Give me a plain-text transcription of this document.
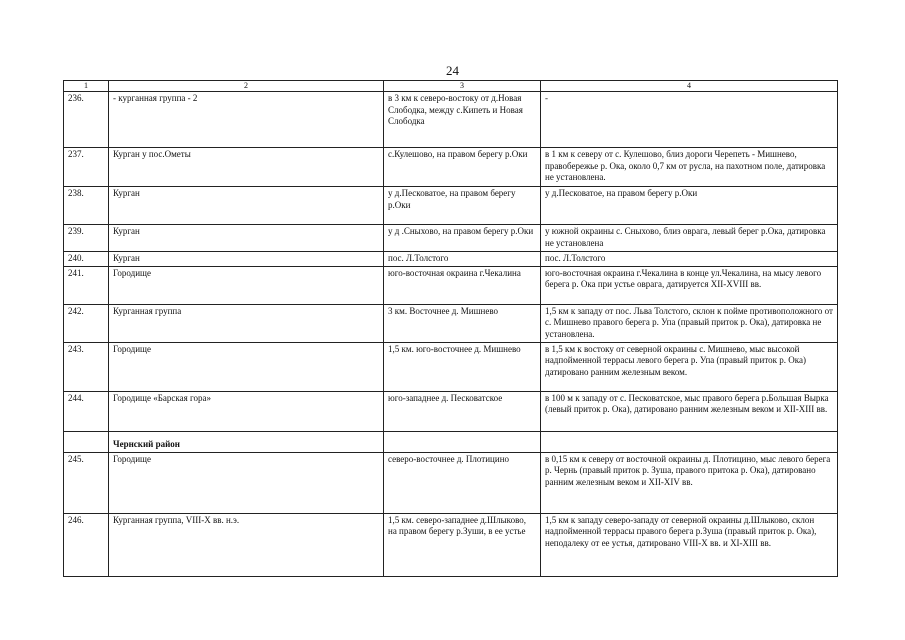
24
1	2	3	4
236.	- курганная группа - 2	в 3 км к северо-востоку от д.Новая Слободка, между с.Кипеть и Новая Слободка	-
237.	Курган у пос.Ометы	с.Кулешово, на правом берегу р.Оки	в 1 км к северу от с. Кулешово, близ дороги Черепеть - Мишнево, правобережье р. Ока, около 0,7 км от русла, на пахотном поле, датировка не установлена.
238.	Курган	у д.Песковатое, на правом берегу р.Оки	у д.Песковатое, на правом берегу р.Оки
239.	Курган	у д .Сныхово, на правом берегу р.Оки	у южной окраины с. Сныхово, близ оврага, левый берег р.Ока, датировка не установлена
240.	Курган	пос. Л.Толстого	пос. Л.Толстого
241.	Городище	юго-восточная окраина г.Чекалина	юго-восточная окраина г.Чекалина в конце ул.Чекалина, на мысу левого берега р. Ока при устье оврага, датируется XII-XVIII вв.
242.	Курганная группа	3 км. Восточнее д. Мишнево	1,5 км к западу от пос. Льва Толстого, склон к пойме противоположного от с. Мишнево правого берега р. Упа (правый приток р. Ока), датировка не установлена.
243.	Городище	1,5 км. юго-восточнее д. Мишнево	в 1,5 км к востоку от северной окраины с. Мишнево, мыс высокой надпойменной террасы левого берега р. Упа (правый приток р. Ока) датировано ранним железным веком.
244.	Городище «Барская гора»	юго-западнее д. Песковатское	в 100 м к западу от с. Песковатское, мыс правого берега р.Большая Вырка (левый приток р. Ока), датировано ранним железным веком и XII-XIII вв.
	Чернский район		
245.	Городище	северо-восточнее д. Плотицино	в 0,15 км к северу от восточной окраины д. Плотицино, мыс левого берега р. Чернь (правый приток р. Зуша, правого притока р. Ока), датировано ранним железным веком и XII-XIV вв.
246.	Курганная группа, VIII-X вв. н.э.	1,5 км. северо-западнее д.Шлыково, на правом берегу р.Зуши, в ее устье	1,5 км к западу северо-западу от северной окраины д.Шлыково, склон надпойменной террасы правого берега р.Зуша (правый приток р. Ока), неподалеку от ее устья, датировано VIII-X вв. и XI-XIII вв.
